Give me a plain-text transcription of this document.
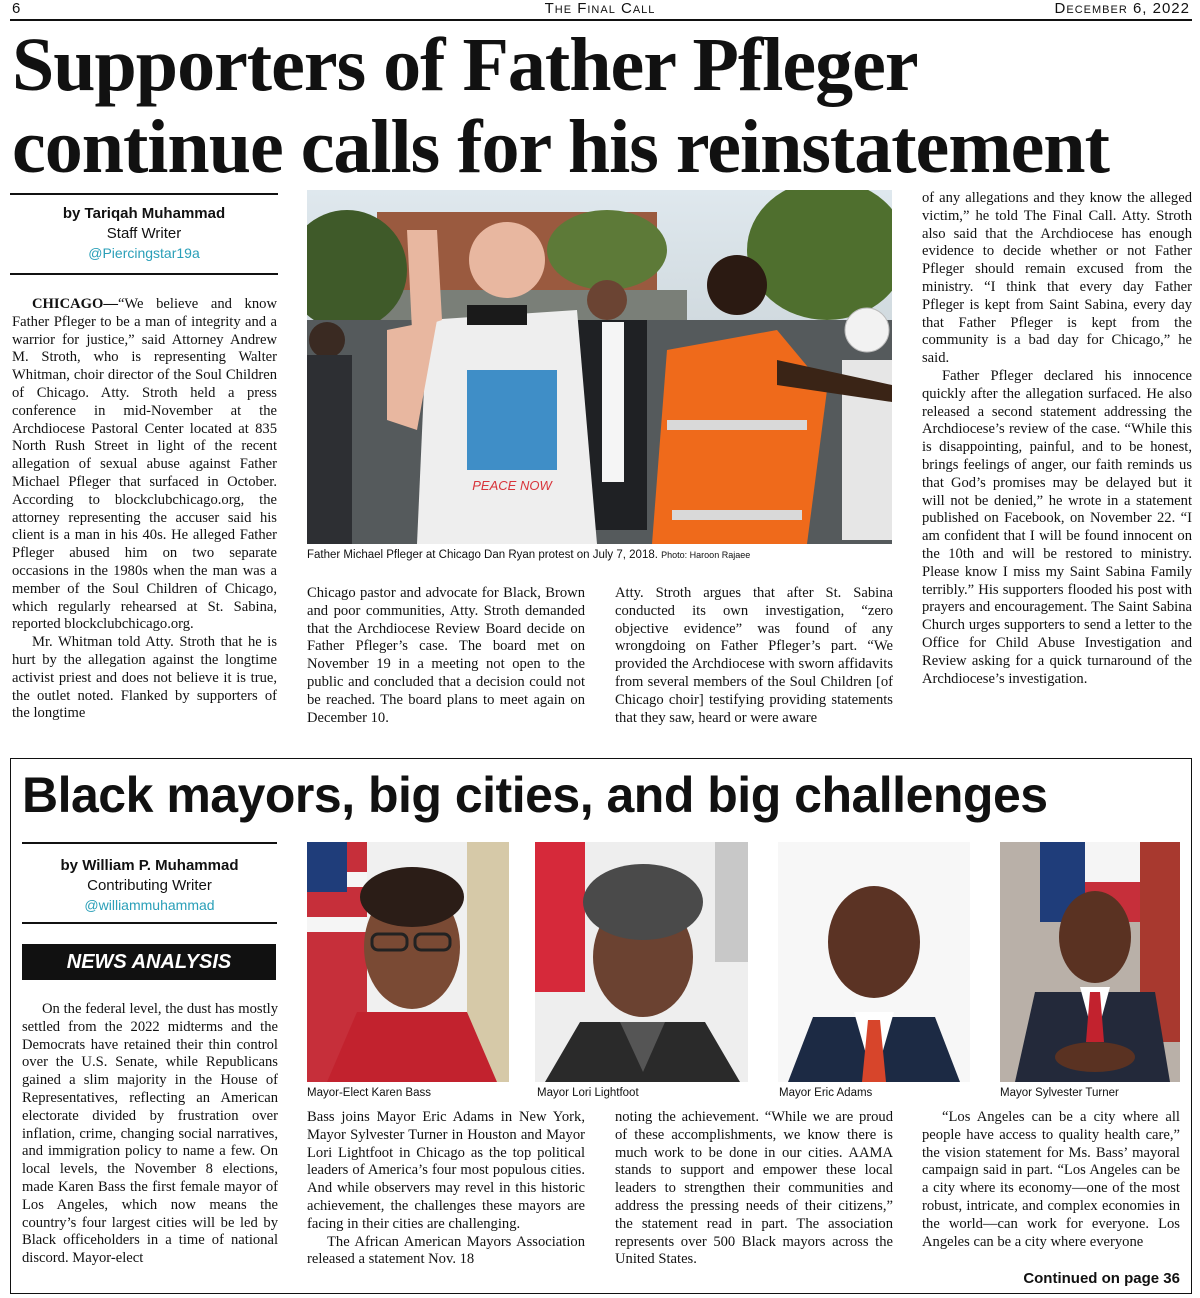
6	The Final Call	December 6, 2022
Supporters of Father Pfleger
continue calls for his reinstatement
by Tariqah Muhammad
Staff Writer
@Piercingstar19a

CHICAGO—“We believe and know Father Pfleger to be a man of integrity and a warrior for justice,” said Attorney Andrew M. Stroth, who is representing Walter Whitman, choir director of the Soul Children of Chicago. Atty. Stroth held a press conference in mid-November at the Archdiocese Pastoral Center located at 835 North Rush Street in light of the recent allegation of sexual abuse against Father Michael Pfleger that surfaced in October. According to blockclubchicago.org, the attorney representing the accuser said his client is a man in his 40s. He alleged Father Pfleger abused him on two separate occasions in the 1980s when the man was a member of the Soul Children of Chicago, which regularly rehearsed at St. Sabina, reported blockclubchicago.org.

Mr. Whitman told Atty. Stroth that he is hurt by the allegation against the longtime activist priest and does not believe it is true, the outlet noted. Flanked by supporters of the longtime

PEACE NOW
Father Michael Pfleger at Chicago Dan Ryan protest on July 7, 2018. Photo: Haroon Rajaee

Chicago pastor and advocate for Black, Brown and poor communities, Atty. Stroth demanded that the Archdiocese Review Board decide on Father Pfleger’s case. The board met on November 19 in a meeting not open to the public and concluded that a decision could not be reached. The board plans to meet again on December 10.

Atty. Stroth argues that after St. Sabina conducted its own investigation, “zero objective evidence” was found of any wrongdoing on Father Pfleger’s part. “We provided the Archdiocese with sworn affidavits from several members of the Soul Children [of Chicago choir] testifying providing statements that they saw, heard or were aware

of any allegations and they know the alleged victim,” he told The Final Call. Atty. Stroth also said that the Archdiocese has enough evidence to decide whether or not Father Pfleger should remain excused from the ministry. “I think that every day Father Pfleger is kept from Saint Sabina, every day that Father Pfleger is kept from the community is a bad day for Chicago,” he said.

Father Pfleger declared his innocence quickly after the allegation surfaced. He also released a second statement addressing the Archdiocese’s review of the case. “While this is disappointing, painful, and to be honest, brings feelings of anger, our faith reminds us that God’s promises may be delayed but it will not be denied,” he wrote in a statement published on Facebook, on November 22. “I am confident that I will be found innocent on the 10th and will be restored to ministry. Please know I miss my Saint Sabina Family terribly.” His supporters flooded his post with prayers and encouragement. The Saint Sabina Church urges supporters to send a letter to the Office for Child Abuse Investigation and Review asking for a quick turnaround of the Archdiocese’s investigation.

Black mayors, big cities, and big challenges
by William P. Muhammad
Contributing Writer
@williammuhammad
NEWS ANALYSIS

On the federal level, the dust has mostly settled from the 2022 midterms and the Democrats have retained their thin control over the U.S. Senate, while Republicans gained a slim majority in the House of Representatives, reflecting an American electorate divided by frustration over inflation, crime, changing social narratives, and immigration policy to name a few. On local levels, the November 8 elections, made Karen Bass the first female mayor of Los Angeles, which now means the country’s four largest cities will be led by Black officeholders in a time of national discord. Mayor-elect

Mayor-Elect Karen Bass	Mayor Lori Lightfoot	Mayor Eric Adams	Mayor Sylvester Turner

Bass joins Mayor Eric Adams in New York, Mayor Sylvester Turner in Houston and Mayor Lori Lightfoot in Chicago as the top political leaders of America’s four most populous cities. And while observers may revel in this historic achievement, the challenges these mayors are facing in their cities are challenging.

The African American Mayors Association released a statement Nov. 18

noting the achievement. “While we are proud of these accomplishments, we know there is much work to be done in our cities. AAMA stands to support and empower these local leaders to strengthen their communities and address the pressing needs of their citizens,” the statement read in part. The association represents over 500 Black mayors across the United States.

“Los Angeles can be a city where all people have access to quality health care,” the vision statement for Ms. Bass’ mayoral campaign said in part. “Los Angeles can be a city where its economy—one of the most robust, intricate, and complex economies in the world—can work for everyone. Los Angeles can be a city where everyone

Continued on page 36
